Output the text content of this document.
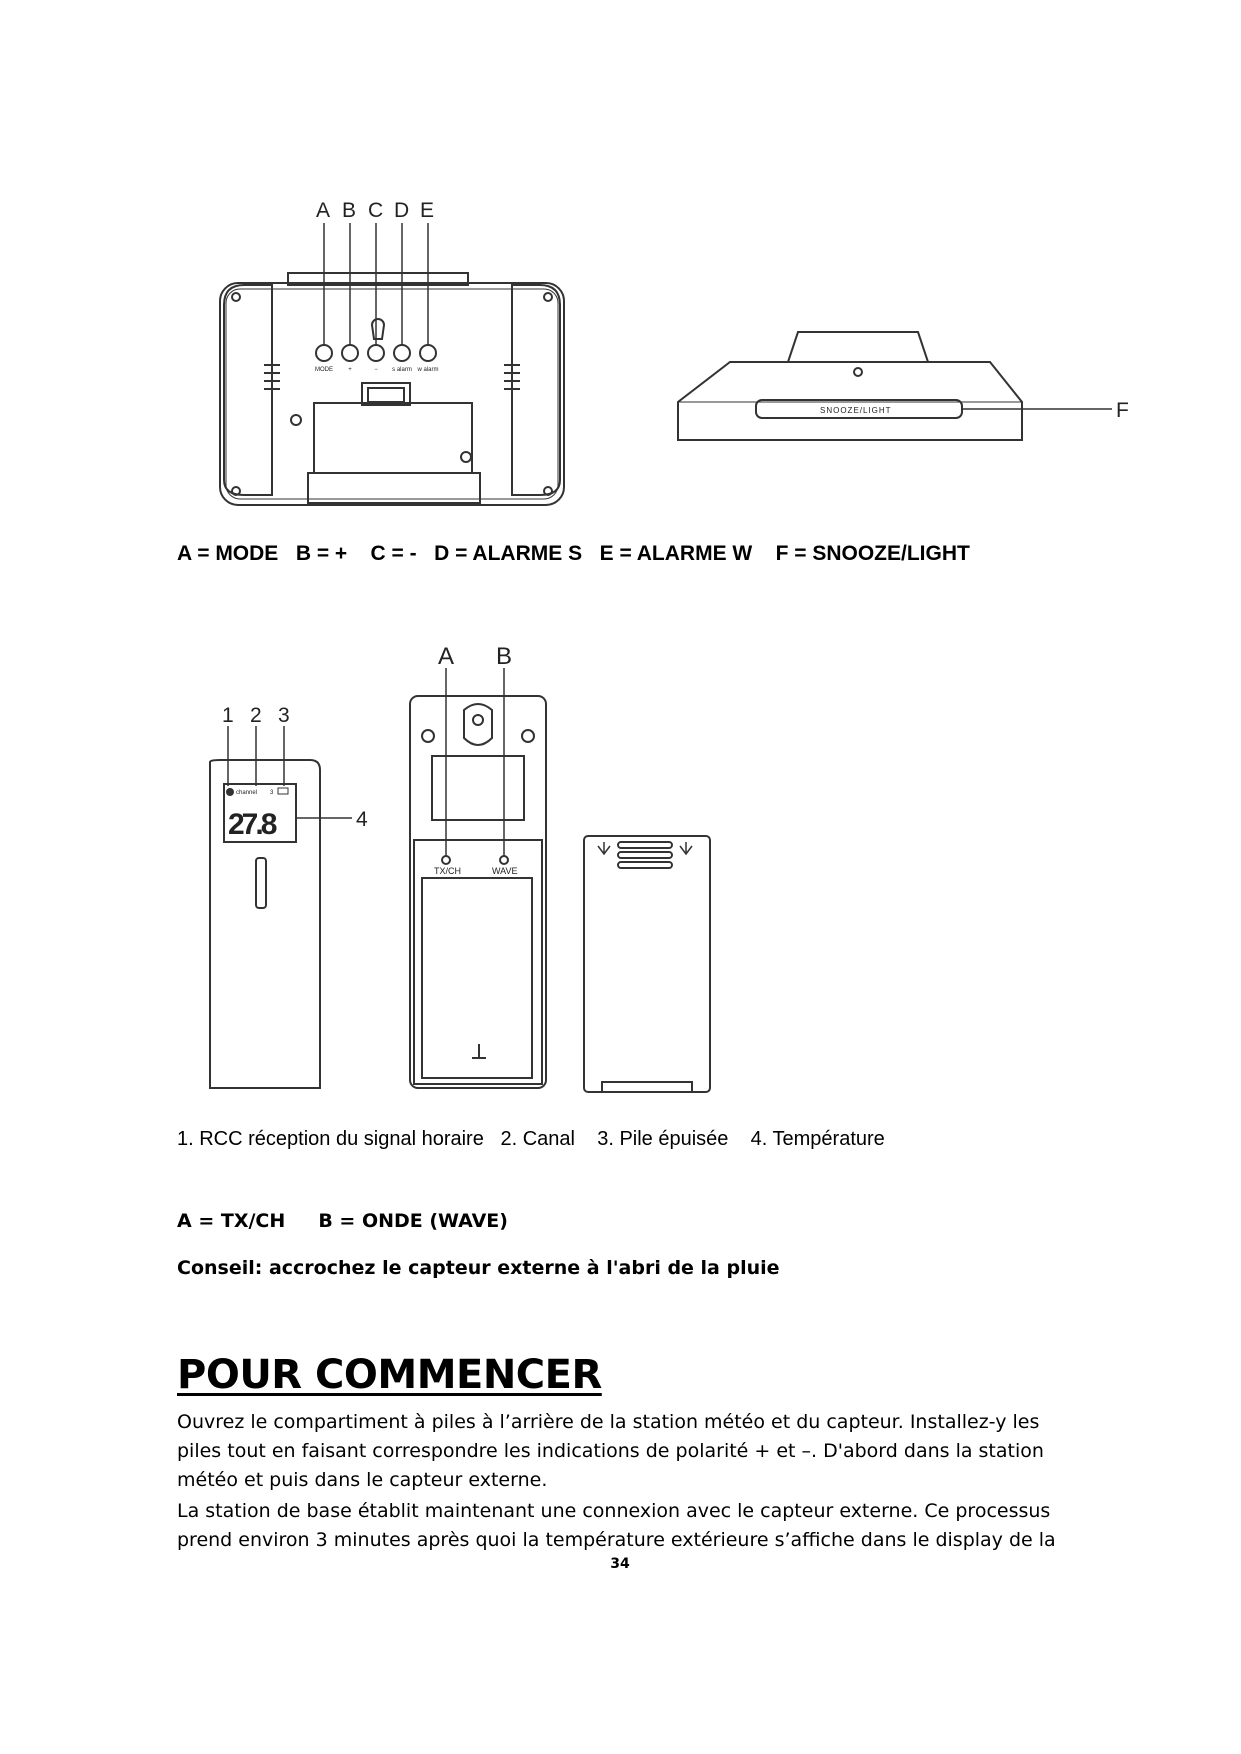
A B C D E
MODE	+	− s alarm w alarm
SNOOZE/LIGHT	F
A = MODE   B = +    C = -   D = ALARME S   E = ALARME W    F = SNOOZE/LIGHT
channel 3
27.8
1 2 3
4
A B
TX/CH	WAVE
1. RCC réception du signal horaire   2. Canal    3. Pile épuisée    4. Température
A = TX/CH     B = ONDE (WAVE)
Conseil: accrochez le capteur externe à l'abri de la pluie
POUR COMMENCER
Ouvrez le compartiment à piles à l’arrière de la station météo et du capteur. Installez-y les piles tout en faisant correspondre les indications de polarité + et –. D'abord dans la station météo et puis dans le capteur externe.
La station de base établit maintenant une connexion avec le capteur externe. Ce processus prend environ 3 minutes après quoi la température extérieure s’affiche dans le display de la
34
